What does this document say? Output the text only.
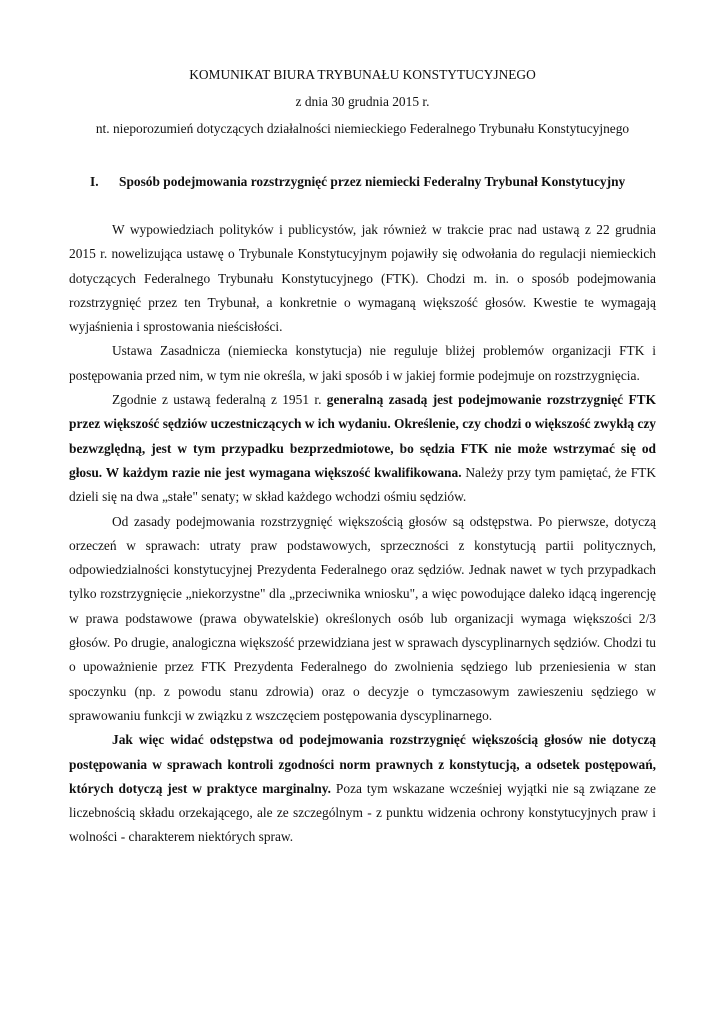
KOMUNIKAT BIURA TRYBUNAŁU KONSTYTUCYJNEGO
z dnia 30 grudnia 2015 r.
nt. nieporozumień dotyczących działalności niemieckiego Federalnego Trybunału Konstytucyjnego
I. Sposób podejmowania rozstrzygnięć przez niemiecki Federalny Trybunał Konstytucyjny

W wypowiedziach polityków i publicystów, jak również w trakcie prac nad ustawą z 22 grudnia 2015 r. nowelizująca ustawę o Trybunale Konstytucyjnym pojawiły się odwołania do regulacji niemieckich dotyczących Federalnego Trybunału Konstytucyjnego (FTK). Chodzi m. in. o sposób podejmowania rozstrzygnięć przez ten Trybunał, a konkretnie o wymaganą większość głosów. Kwestie te wymagają wyjaśnienia i sprostowania nieścisłości.

Ustawa Zasadnicza (niemiecka konstytucja) nie reguluje bliżej problemów organizacji FTK i postępowania przed nim, w tym nie określa, w jaki sposób i w jakiej formie podejmuje on rozstrzygnięcia.

Zgodnie z ustawą federalną z 1951 r. generalną zasadą jest podejmowanie rozstrzygnięć FTK przez większość sędziów uczestniczących w ich wydaniu. Określenie, czy chodzi o większość zwykłą czy bezwzględną, jest w tym przypadku bezprzedmiotowe, bo sędzia FTK nie może wstrzymać się od głosu. W każdym razie nie jest wymagana większość kwalifikowana. Należy przy tym pamiętać, że FTK dzieli się na dwa „stałe" senaty; w skład każdego wchodzi ośmiu sędziów.

Od zasady podejmowania rozstrzygnięć większością głosów są odstępstwa. Po pierwsze, dotyczą orzeczeń w sprawach: utraty praw podstawowych, sprzeczności z konstytucją partii politycznych, odpowiedzialności konstytucyjnej Prezydenta Federalnego oraz sędziów. Jednak nawet w tych przypadkach tylko rozstrzygnięcie „niekorzystne" dla „przeciwnika wniosku", a więc powodujące daleko idącą ingerencję w prawa podstawowe (prawa obywatelskie) określonych osób lub organizacji wymaga większości 2/3 głosów. Po drugie, analogiczna większość przewidziana jest w sprawach dyscyplinarnych sędziów. Chodzi tu o upoważnienie przez FTK Prezydenta Federalnego do zwolnienia sędziego lub przeniesienia w stan spoczynku (np. z powodu stanu zdrowia) oraz o decyzje o tymczasowym zawieszeniu sędziego w sprawowaniu funkcji w związku z wszczęciem postępowania dyscyplinarnego.

Jak więc widać odstępstwa od podejmowania rozstrzygnięć większością głosów nie dotyczą postępowania w sprawach kontroli zgodności norm prawnych z konstytucją, a odsetek postępowań, których dotyczą jest w praktyce marginalny. Poza tym wskazane wcześniej wyjątki nie są związane ze liczebnością składu orzekającego, ale ze szczególnym - z punktu widzenia ochrony konstytucyjnych praw i wolności - charakterem niektórych spraw.
